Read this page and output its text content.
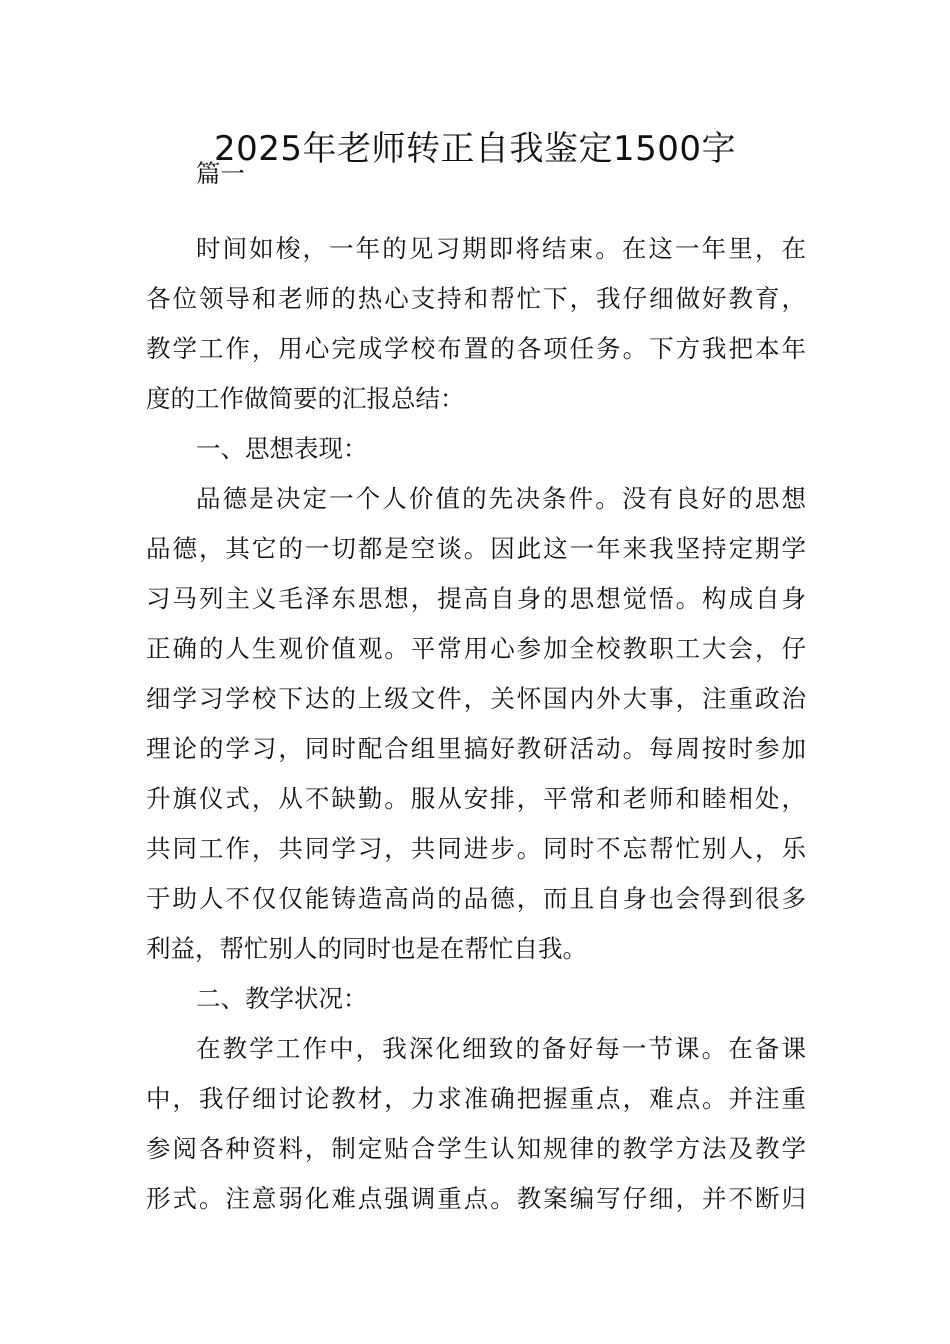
2025年老师转正自我鉴定1500字
篇一
时间如梭，一年的见习期即将结束。在这一年里，在
各位领导和老师的热心支持和帮忙下，我仔细做好教育，
教学工作，用心完成学校布置的各项任务。下方我把本年
度的工作做简要的汇报总结：
一、思想表现：
品德是决定一个人价值的先决条件。没有良好的思想
品德，其它的一切都是空谈。因此这一年来我坚持定期学
习马列主义毛泽东思想，提高自身的思想觉悟。构成自身
正确的人生观价值观。平常用心参加全校教职工大会，仔
细学习学校下达的上级文件，关怀国内外大事，注重政治
理论的学习，同时配合组里搞好教研活动。每周按时参加
升旗仪式，从不缺勤。服从安排，平常和老师和睦相处，
共同工作，共同学习，共同进步。同时不忘帮忙别人，乐
于助人不仅仅能铸造高尚的品德，而且自身也会得到很多
利益，帮忙别人的同时也是在帮忙自我。
二、教学状况：
在教学工作中，我深化细致的备好每一节课。在备课
中，我仔细讨论教材，力求准确把握重点，难点。并注重
参阅各种资料，制定贴合学生认知规律的教学方法及教学
形式。注意弱化难点强调重点。教案编写仔细，并不断归
